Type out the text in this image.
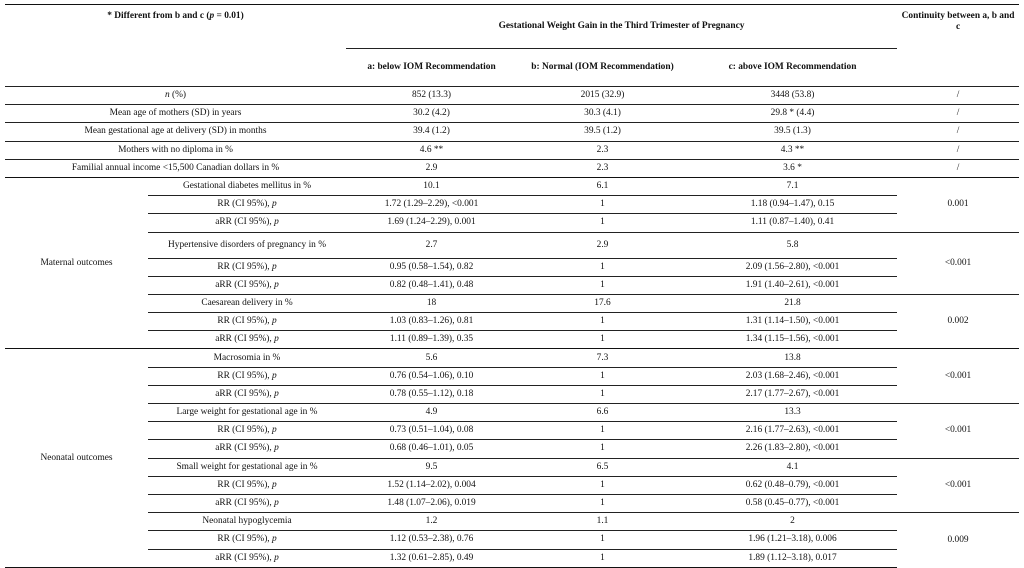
* Different from b and c (p = 0.01)		Gestational Weight Gain in the Third Trimester of Pregnancy			Continuity between a, b and c
		a: below IOM Recommendation	b: Normal (IOM Recommendation)	c: above IOM Recommendation	
n (%)		852 (13.3)	2015 (32.9)	3448 (53.8)	/
Mean age of mothers (SD) in years		30.2 (4.2)	30.3 (4.1)	29.8 * (4.4)	/
Mean gestational age at delivery (SD) in months		39.4 (1.2)	39.5 (1.2)	39.5 (1.3)	/
Mothers with no diploma in %		4.6 **	2.3	4.3 **	/
Familial annual income <15,500 Canadian dollars in %		2.9	2.3	3.6 *	/
Maternal outcomes	Gestational diabetes mellitus in %	10.1	6.1	7.1	0.001
	RR (CI 95%), p	1.72 (1.29–2.29), <0.001	1	1.18 (0.94–1.47), 0.15	
	aRR (CI 95%), p	1.69 (1.24–2.29), 0.001	1	1.11 (0.87–1.40), 0.41	
	Hypertensive disorders of pregnancy in %	2.7	2.9	5.8	<0.001
	RR (CI 95%), p	0.95 (0.58–1.54), 0.82	1	2.09 (1.56–2.80), <0.001	
	aRR (CI 95%), p	0.82 (0.48–1.41), 0.48	1	1.91 (1.40–2.61), <0.001	
	Caesarean delivery in %	18	17.6	21.8	0.002
	RR (CI 95%), p	1.03 (0.83–1.26), 0.81	1	1.31 (1.14–1.50), <0.001	
	aRR (CI 95%), p	1.11 (0.89–1.39), 0.35	1	1.34 (1.15–1.56), <0.001	
Neonatal outcomes	Macrosomia in %	5.6	7.3	13.8	<0.001
	RR (CI 95%), p	0.76 (0.54–1.06), 0.10	1	2.03 (1.68–2.46), <0.001	
	aRR (CI 95%), p	0.78 (0.55–1.12), 0.18	1	2.17 (1.77–2.67), <0.001	
	Large weight for gestational age in %	4.9	6.6	13.3	<0.001
	RR (CI 95%), p	0.73 (0.51–1.04), 0.08	1	2.16 (1.77–2.63), <0.001	
	aRR (CI 95%), p	0.68 (0.46–1.01), 0.05	1	2.26 (1.83–2.80), <0.001	
	Small weight for gestational age in %	9.5	6.5	4.1	<0.001
	RR (CI 95%), p	1.52 (1.14–2.02), 0.004	1	0.62 (0.48–0.79), <0.001	
	aRR (CI 95%), p	1.48 (1.07–2.06), 0.019	1	0.58 (0.45–0.77), <0.001	
	Neonatal hypoglycemia	1.2	1.1	2	0.009
	RR (CI 95%), p	1.12 (0.53–2.38), 0.76	1	1.96 (1.21–3.18), 0.006	
	aRR (CI 95%), p	1.32 (0.61–2.85), 0.49	1	1.89 (1.12–3.18), 0.017	
